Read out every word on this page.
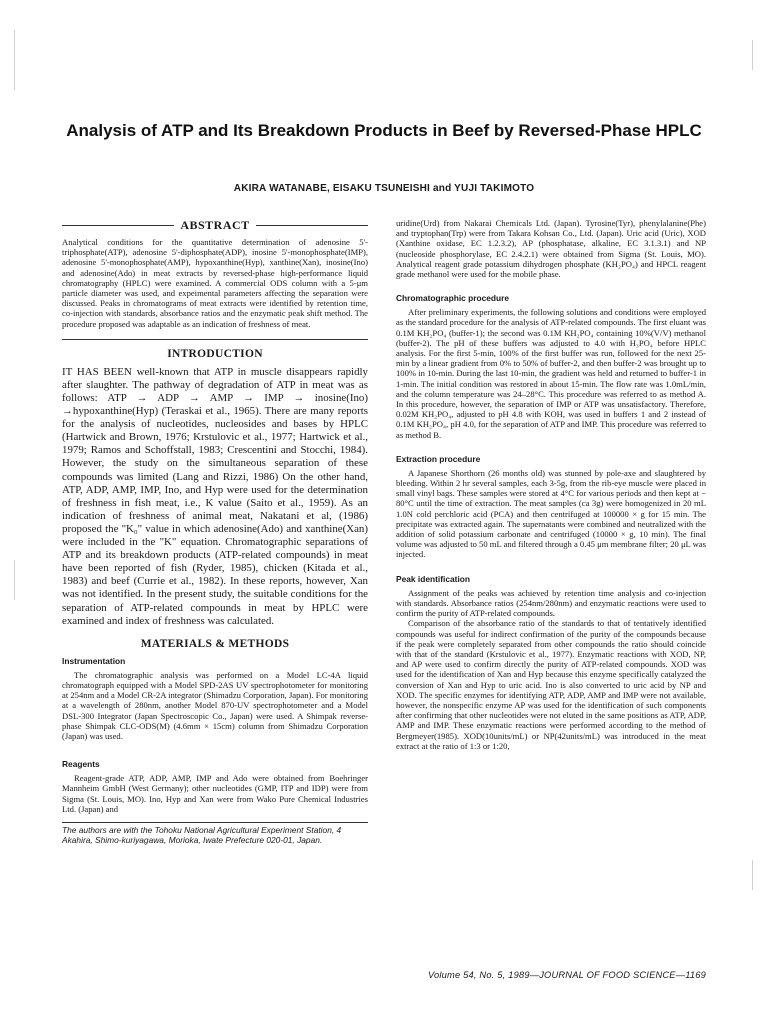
Analysis of ATP and Its Breakdown Products in Beef by Reversed-Phase HPLC
AKIRA WATANABE, EISAKU TSUNEISHI and YUJI TAKIMOTO
ABSTRACT

Analytical conditions for the quantitative determination of adenosine 5'-triphosphate(ATP), adenosine 5'-diphosphate(ADP), inosine 5'-monophosphate(IMP), adenosine 5'-monophosphate(AMP), hypoxanthine(Hyp), xanthine(Xan), inosine(Ino) and adenosine(Ado) in meat extracts by reversed-phase high-performance liquid chromatography (HPLC) were examined. A commercial ODS column with a 5-μm particle diameter was used, and expeimental parameters affecting the separation were discussed. Peaks in chromatograms of meat extracts were identified by retention time, co-injection with standards, absorbance ratios and the enzymatic peak shift method. The procedure proposed was adaptable as an indication of freshness of meat.

INTRODUCTION

IT HAS BEEN well-known that ATP in muscle disappears rapidly after slaughter. The pathway of degradation of ATP in meat was as follows: ATP → ADP → AMP → IMP → inosine(Ino) →hypoxanthine(Hyp) (Teraskai et al., 1965). There are many reports for the analysis of nucleotides, nucleosides and bases by HPLC (Hartwick and Brown, 1976; Krstulovic et al., 1977; Hartwick et al., 1979; Ramos and Schoffstall, 1983; Crescentini and Stocchi, 1984). However, the study on the simultaneous separation of these compounds was limited (Lang and Rizzi, 1986) On the other hand, ATP, ADP, AMP, IMP, Ino, and Hyp were used for the determination of freshness in fish meat, i.e., K value (Saito et al., 1959). As an indication of freshness of animal meat, Nakatani et al, (1986) proposed the "K₀" value in which adenosine(Ado) and xanthine(Xan) were included in the "K" equation. Chromatographic separations of ATP and its breakdown products (ATP-related compounds) in meat have been reported of fish (Ryder, 1985), chicken (Kitada et al., 1983) and beef (Currie et al., 1982). In these reports, however, Xan was not identified. In the present study, the suitable conditions for the separation of ATP-related compounds in meat by HPLC were examined and index of freshness was calculated.

MATERIALS & METHODS
Instrumentation

The chromatographic analysis was performed on a Model LC-4A liquid chromatograph equipped with a Model SPD-2AS UV spectrophotometer for monitoring at 254nm and a Model CR-2A integrator (Shimadzu Corporation, Japan). For monitoring at a wavelength of 280nm, another Model 870-UV spectrophotometer and a Model DSL-300 Integrator (Japan Spectroscopic Co., Japan) were used. A Shimpak reverse-phase Shimpak CLC-ODS(M) (4.6mm × 15cm) column from Shimadzu Corporation (Japan) was used.

Reagents

Reagent-grade ATP, ADP, AMP, IMP and Ado were obtained from Boehringer Mannheim GmbH (West Germany); other nucleotides (GMP, ITP and IDP) were from Sigma (St. Louis, MO). Ino, Hyp and Xan were from Wako Pure Chemical Industries Ltd. (Japan) and

The authors are with the Tohoku National Agricultural Experiment Station, 4 Akahira, Shimo-kuriyagawa, Morioka, Iwate Prefecture 020-01, Japan.

uridine(Urd) from Nakarai Chemicals Ltd. (Japan). Tyrosine(Tyr), phenylalanine(Phe) and tryptophan(Trp) were from Takara Kohsan Co., Ltd. (Japan). Uric acid (Uric), XOD (Xanthine oxidase, EC 1.2.3.2), AP (phosphatase, alkaline, EC 3.1.3.1) and NP (nucleoside phosphorylase, EC 2.4.2.1) were obtained from Sigma (St. Louis, MO). Analytical reagent grade potassium dihydrogen phosphate (KH₂PO₄) and HPCL reagent grade methanol were used for the mobile phase.

Chromatographic procedure

After preliminary experiments, the following solutions and conditions were employed as the standard procedure for the analysis of ATP-related compounds. The first eluant was 0.1M KH₂PO₄ (buffer-1); the second was 0.1M KH₂PO₄ containing 10%(V/V) methanol (buffer-2). The pH of these buffers was adjusted to 4.0 with H₃PO₄ before HPLC analysis. For the first 5-min, 100% of the first buffer was run, followed for the next 25-min by a linear gradient from 0% to 50% of buffer-2, and then buffer-2 was brought up to 100% in 10-min. During the last 10-min, the gradient was held and returned to buffer-1 in 1-min. The initial condition was restored in about 15-min. The flow rate was 1.0mL/min, and the column temperature was 24–28°C. This procedure was referred to as method A. In this procedure, however, the separation of IMP or ATP was unsatisfactory. Therefore, 0.02M KH₂PO₄, adjusted to pH 4.8 with KOH, was used in buffers 1 and 2 instead of 0.1M KH₂PO₄, pH 4.0, for the separation of ATP and IMP. This procedure was referred to as method B.

Extraction procedure

A Japanese Shorthorn (26 months old) was stunned by pole-axe and slaughtered by bleeding. Within 2 hr several samples, each 3-5g, from the rib-eye muscle were placed in small vinyl bags. These samples were stored at 4°C for various periods and then kept at − 80°C until the time of extraction. The meat samples (ca 3g) were homogenized in 20 mL 1.0N cold perchloric acid (PCA) and then centrifuged at 100000 × g for 15 min. The precipitate was extracted again. The supernatants were combined and neutralized with the addition of solid potassium carbonate and centrifuged (10000 × g, 10 min). The final volume was adjusted to 50 mL and filtered through a 0.45 μm membrane filter; 20 μL was injected.

Peak identification

Assignment of the peaks was achieved by retention time analysis and co-injection with standards. Absorbance ratios (254nm/280nm) and enzymatic reactions were used to confirm the purity of ATP-related compounds.

Comparison of the absorbance ratio of the standards to that of tentatively identified compounds was useful for indirect confirmation of the purity of the compounds because if the peak were completely separated from other compounds the ratio should coincide with that of the standard (Krstulovic et al., 1977). Enzymatic reactions with XOD, NP, and AP were used to confirm directly the purity of ATP-related compounds. XOD was used for the identification of Xan and Hyp because this enzyme specifically catalyzed the conversion of Xan and Hyp to uric acid. Ino is also converted to uric acid by NP and XOD. The specific enzymes for identifying ATP, ADP, AMP and IMP were not available, however, the nonspecific enzyme AP was used for the identification of such components after confirming that other nucleotides were not eluted in the same positions as ATP, ADP, AMP and IMP. These enzymatic reactions were performed according to the method of Bergmeyer(1985). XOD(10units/mL) or NP(42units/mL) was introduced in the meat extract at the ratio of 1:3 or 1:20,

Volume 54, No. 5, 1989—JOURNAL OF FOOD SCIENCE—1169
